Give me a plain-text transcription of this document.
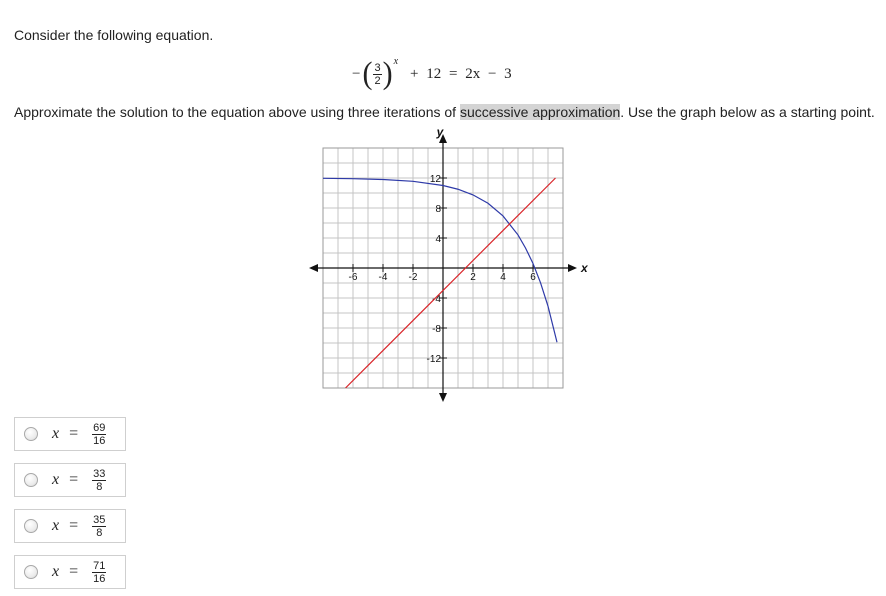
Consider the following equation.
− ( $\frac{3}{2}$ ) x
+ 12 = 2x − 3
Approximate the solution to the equation above using three iterations of successive approximation. Use the graph below as a starting point.
x
y
-6 -4 -2	2 4 6
12
8
4
-4
-8
-12
$x = \frac{69}{16}$
$x = \frac{33}{8}$
$x = \frac{35}{8}$
$x = \frac{71}{16}$
